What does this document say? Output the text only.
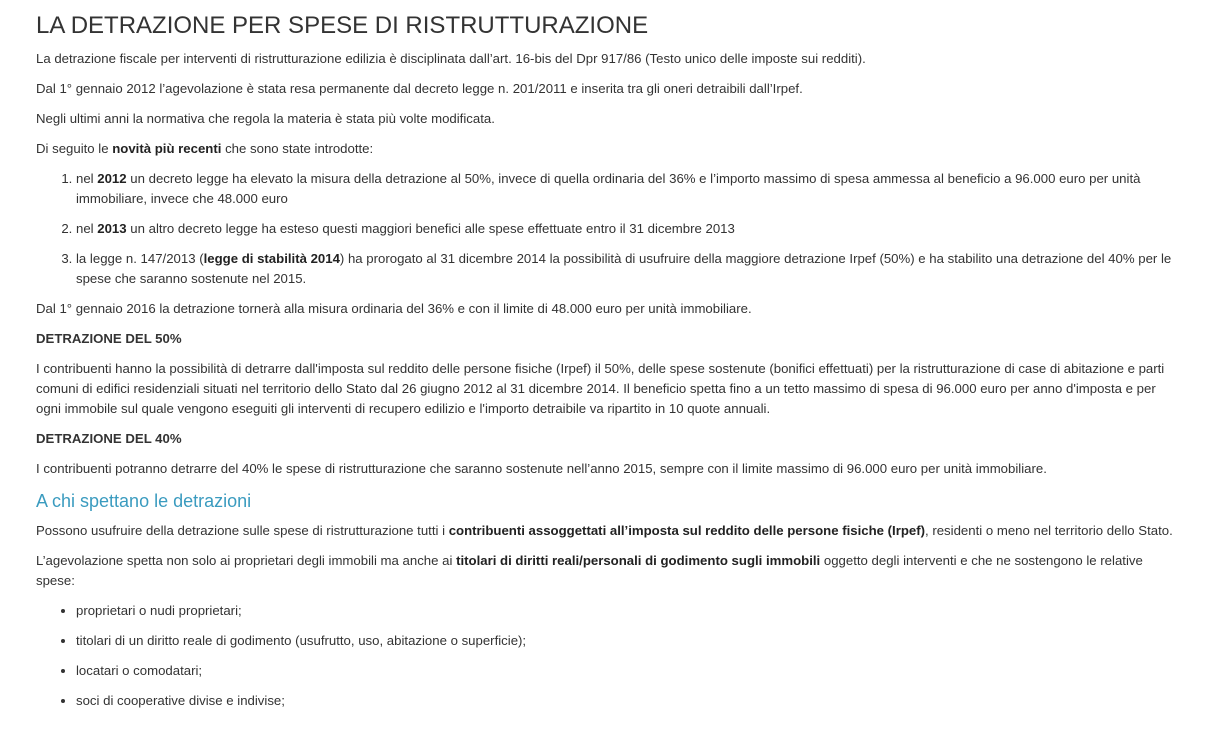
LA DETRAZIONE PER SPESE DI RISTRUTTURAZIONE

La detrazione fiscale per interventi di ristrutturazione edilizia è disciplinata dall’art. 16-bis del Dpr 917/86 (Testo unico delle imposte sui redditi).

Dal 1° gennaio 2012 l’agevolazione è stata resa permanente dal decreto legge n. 201/2011 e inserita tra gli oneri detraibili dall’Irpef.

Negli ultimi anni la normativa che regola la materia è stata più volte modificata.

Di seguito le novità più recenti che sono state introdotte:

1. nel 2012 un decreto legge ha elevato la misura della detrazione al 50%, invece di quella ordinaria del 36% e l’importo massimo di spesa ammessa al beneficio a 96.000 euro per unità immobiliare, invece che 48.000 euro
2. nel 2013 un altro decreto legge ha esteso questi maggiori benefici alle spese effettuate entro il 31 dicembre 2013
3. la legge n. 147/2013 (legge di stabilità 2014) ha prorogato al 31 dicembre 2014 la possibilità di usufruire della maggiore detrazione Irpef (50%) e ha stabilito una detrazione del 40% per le spese che saranno sostenute nel 2015.

Dal 1° gennaio 2016 la detrazione tornerà alla misura ordinaria del 36% e con il limite di 48.000 euro per unità immobiliare.

DETRAZIONE DEL 50%

I contribuenti hanno la possibilità di detrarre dall'imposta sul reddito delle persone fisiche (Irpef) il 50%, delle spese sostenute (bonifici effettuati) per la ristrutturazione di case di abitazione e parti comuni di edifici residenziali situati nel territorio dello Stato dal 26 giugno 2012 al 31 dicembre 2014. Il beneficio spetta fino a un tetto massimo di spesa di 96.000 euro per anno d'imposta e per ogni immobile sul quale vengono eseguiti gli interventi di recupero edilizio e l'importo detraibile va ripartito in 10 quote annuali.

DETRAZIONE DEL 40%

I contribuenti potranno detrarre del 40% le spese di ristrutturazione che saranno sostenute nell’anno 2015, sempre con il limite massimo di 96.000 euro per unità immobiliare.

A chi spettano le detrazioni

Possono usufruire della detrazione sulle spese di ristrutturazione tutti i contribuenti assoggettati all’imposta sul reddito delle persone fisiche (Irpef), residenti o meno nel territorio dello Stato.

L’agevolazione spetta non solo ai proprietari degli immobili ma anche ai titolari di diritti reali/personali di godimento sugli immobili oggetto degli interventi e che ne sostengono le relative spese:

• proprietari o nudi proprietari;
• titolari di un diritto reale di godimento (usufrutto, uso, abitazione o superficie);
• locatari o comodatari;
• soci di cooperative divise e indivise;
